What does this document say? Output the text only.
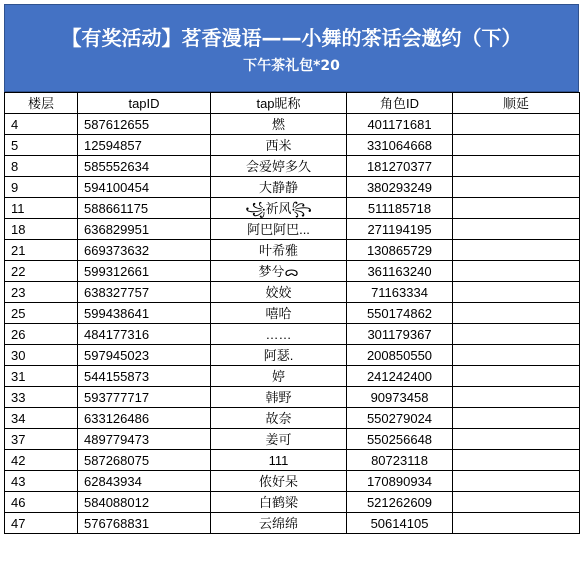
【有奖活动】茗香漫语——小舞的茶话会邀约（下）
下午茶礼包*20
楼层	tapID	tap昵称	角色ID	顺延
4	587612655	燃	401171681	
5	12594857	西米	331064668	
8	585552634	会爱婷多久	181270377	
9	594100454	大静静	380293249	
11	588661175	꧁祈风꧂	511185718	
18	636829951	阿巴阿巴...	271194195	
21	669373632	叶希雅	130865729	
22	599312661	梦兮ᯅ	361163240	
23	638327757	姣姣	71163334	
25	599438641	嘻哈	550174862	
26	484177316	……	301179367	
30	597945023	阿瑟.	200850550	
31	544155873	婷	241242400	
33	593777717	韩野	90973458	
34	633126486	故奈	550279024	
37	489779473	姜可	550256648	
42	587268075	111	80723118	
43	62843934	侬好呆	170890934	
46	584088012	白鹤梁	521262609	
47	576768831	云绵绵	50614105	
